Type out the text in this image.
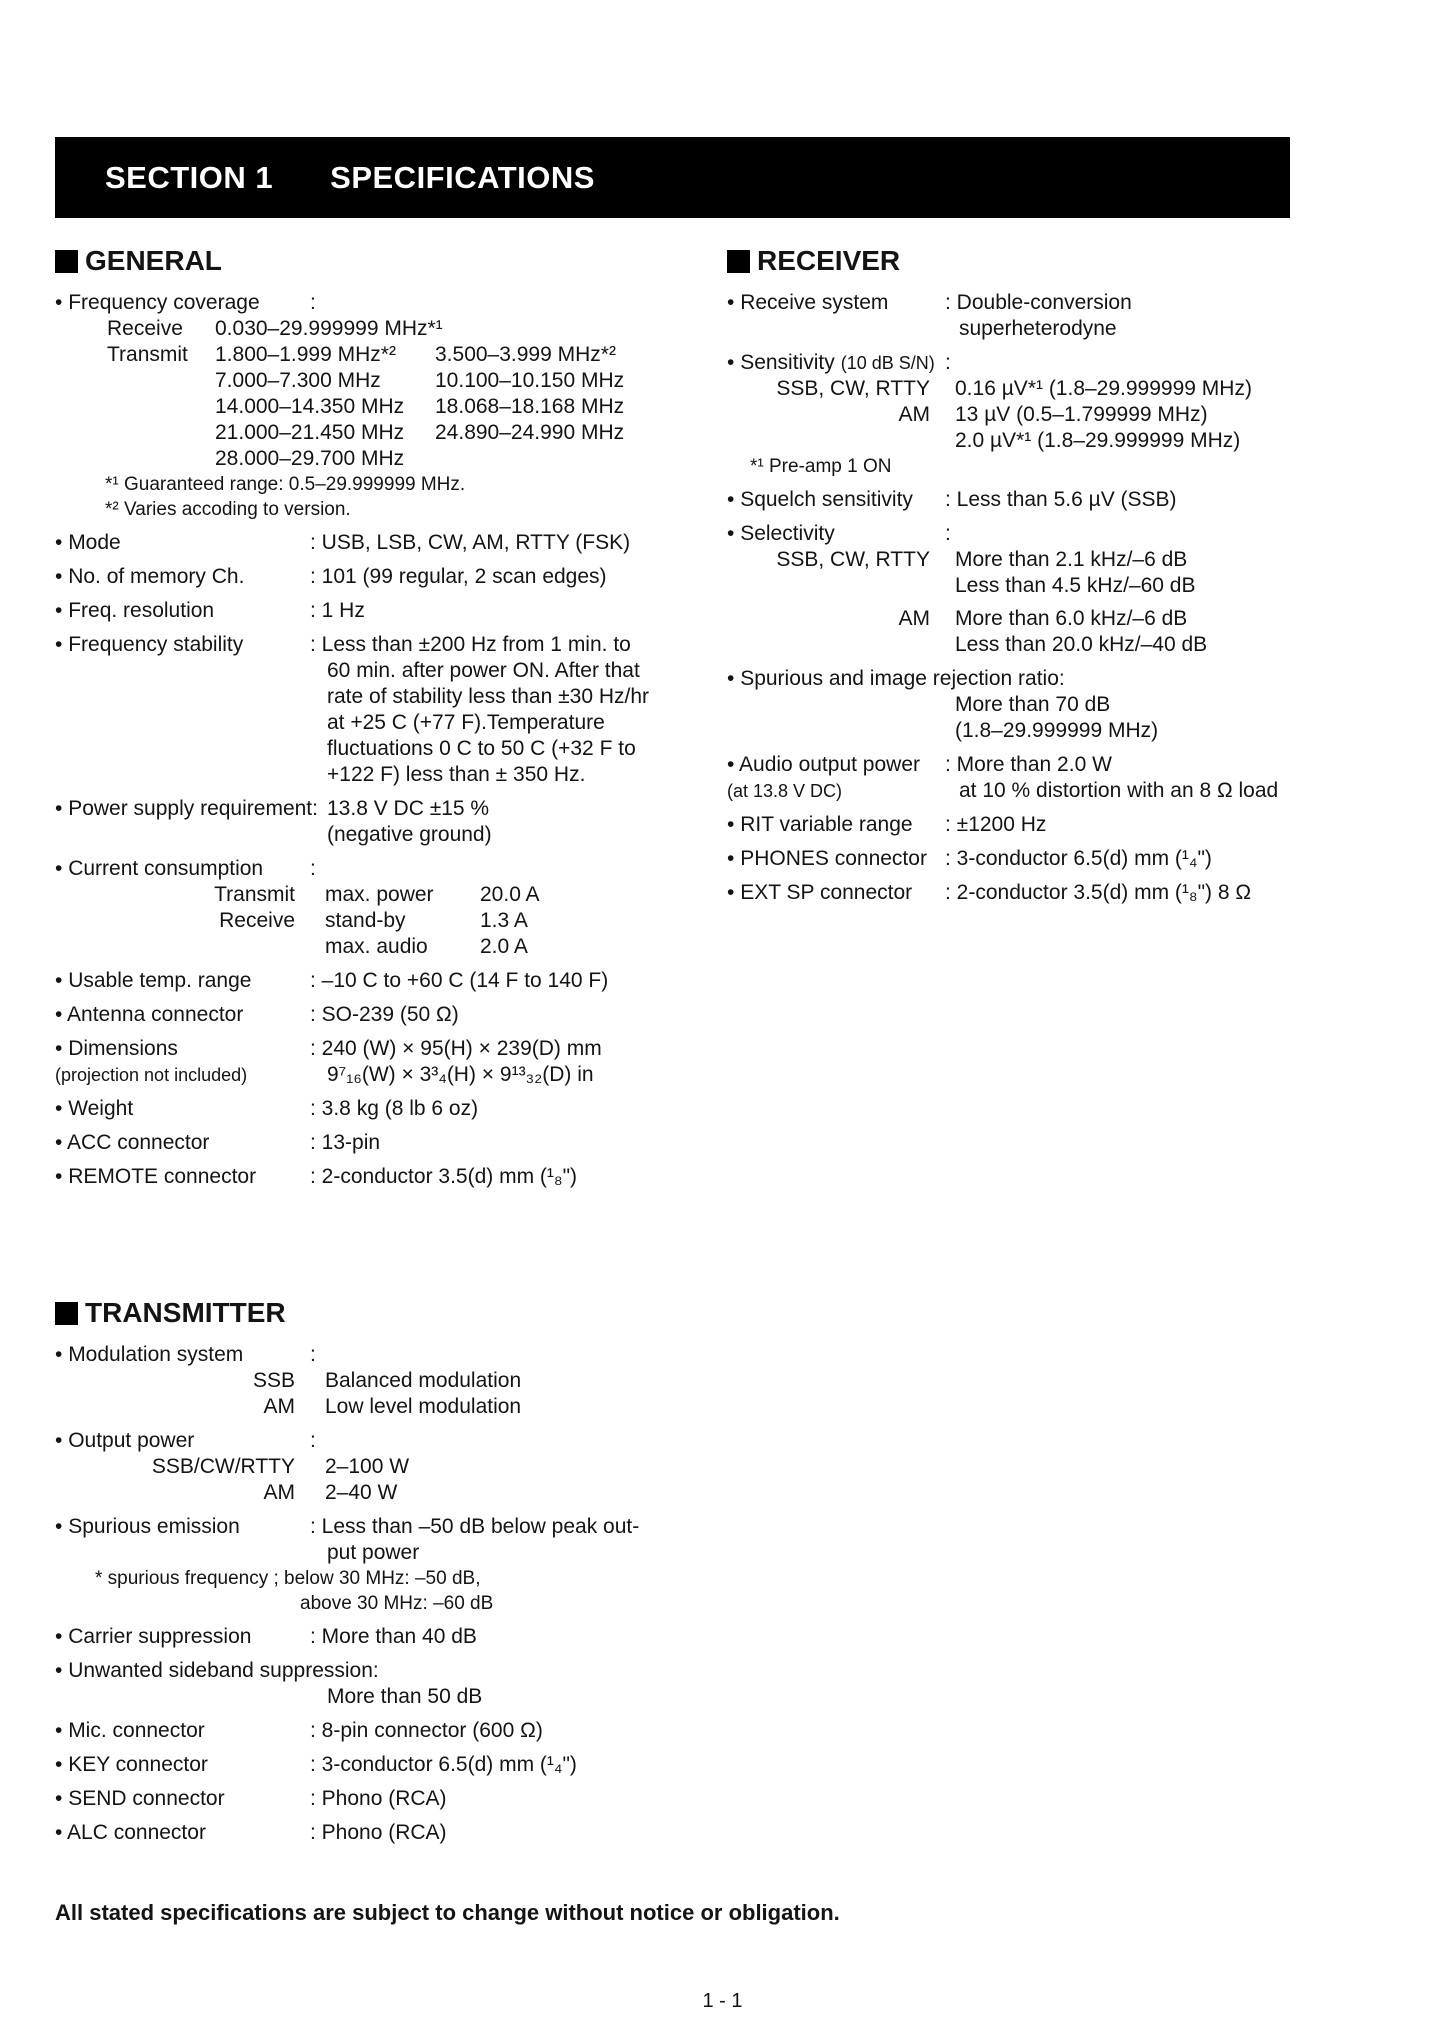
SECTION 1 SPECIFICATIONS
GENERAL
• Frequency coverage	:
Receive	0.030–29.999999 MHz*¹
Transmit	1.800–1.999 MHz*²	3.500–3.999 MHz*²
7.000–7.300 MHz	10.100–10.150 MHz
14.000–14.350 MHz	18.068–18.168 MHz
21.000–21.450 MHz	24.890–24.990 MHz
28.000–29.700 MHz
*¹ Guaranteed range: 0.5–29.999999 MHz.
*² Varies accoding to version.
• Mode	: USB, LSB, CW, AM, RTTY (FSK)
• No. of memory Ch.	: 101 (99 regular, 2 scan edges)
• Freq. resolution	: 1 Hz
• Frequency stability	: Less than ±200 Hz from 1 min. to
60 min. after power ON. After that
rate of stability less than ±30 Hz/hr
at +25 C (+77 F).Temperature
fluctuations 0 C to 50 C (+32 F to
+122 F) less than ± 350 Hz.
• Power supply requirement: 13.8 V DC ±15 %
(negative ground)
• Current consumption	:
Transmit max. power	20.0 A
Receive stand-by	1.3 A
max. audio	2.0 A
• Usable temp. range	: –10 C to +60 C (14 F to 140 F)
• Antenna connector	: SO-239 (50 Ω)
• Dimensions
(projection not included)
: 240 (W) × 95(H) × 239(D) mm
9⁷₁₆(W) × 3³₄(H) × 9¹³₃₂(D) in
• Weight	: 3.8 kg (8 lb 6 oz)
• ACC connector	: 13-pin
• REMOTE connector	: 2-conductor 3.5(d) mm (¹₈")
RECEIVER
• Receive system	: Double-conversion
superheterodyne
• Sensitivity (10 dB S/N) :
SSB, CW, RTTY 0.16 µV*¹ (1.8–29.999999 MHz)
AM 13 µV (0.5–1.799999 MHz)
2.0 µV*¹ (1.8–29.999999 MHz)
*¹ Pre-amp 1 ON
• Squelch sensitivity	: Less than 5.6 µV (SSB)
• Selectivity	:
SSB, CW, RTTY More than 2.1 kHz/–6 dB
Less than 4.5 kHz/–60 dB
AM More than 6.0 kHz/–6 dB
Less than 20.0 kHz/–40 dB
• Spurious and image rejection ratio:
More than 70 dB
(1.8–29.999999 MHz)
• Audio output power
(at 13.8 V DC)
: More than 2.0 W
at 10 % distortion with an 8 Ω load
• RIT variable range	: ±1200 Hz
• PHONES connector : 3-conductor 6.5(d) mm (¹₄")
• EXT SP connector	: 2-conductor 3.5(d) mm (¹₈") 8 Ω
TRANSMITTER
• Modulation system	:
SSB Balanced modulation
AM Low level modulation
• Output power	:
SSB/CW/RTTY 2–100 W
AM 2–40 W
• Spurious emission	: Less than –50 dB below peak out-
put power
* spurious frequency ; below 30 MHz: –50 dB,
above 30 MHz: –60 dB
• Carrier suppression	: More than 40 dB
• Unwanted sideband suppression:
More than 50 dB
• Mic. connector	: 8-pin connector (600 Ω)
• KEY connector	: 3-conductor 6.5(d) mm (¹₄")
• SEND connector	: Phono (RCA)
• ALC connector	: Phono (RCA)
All stated specifications are subject to change without notice or obligation.
1 - 1
